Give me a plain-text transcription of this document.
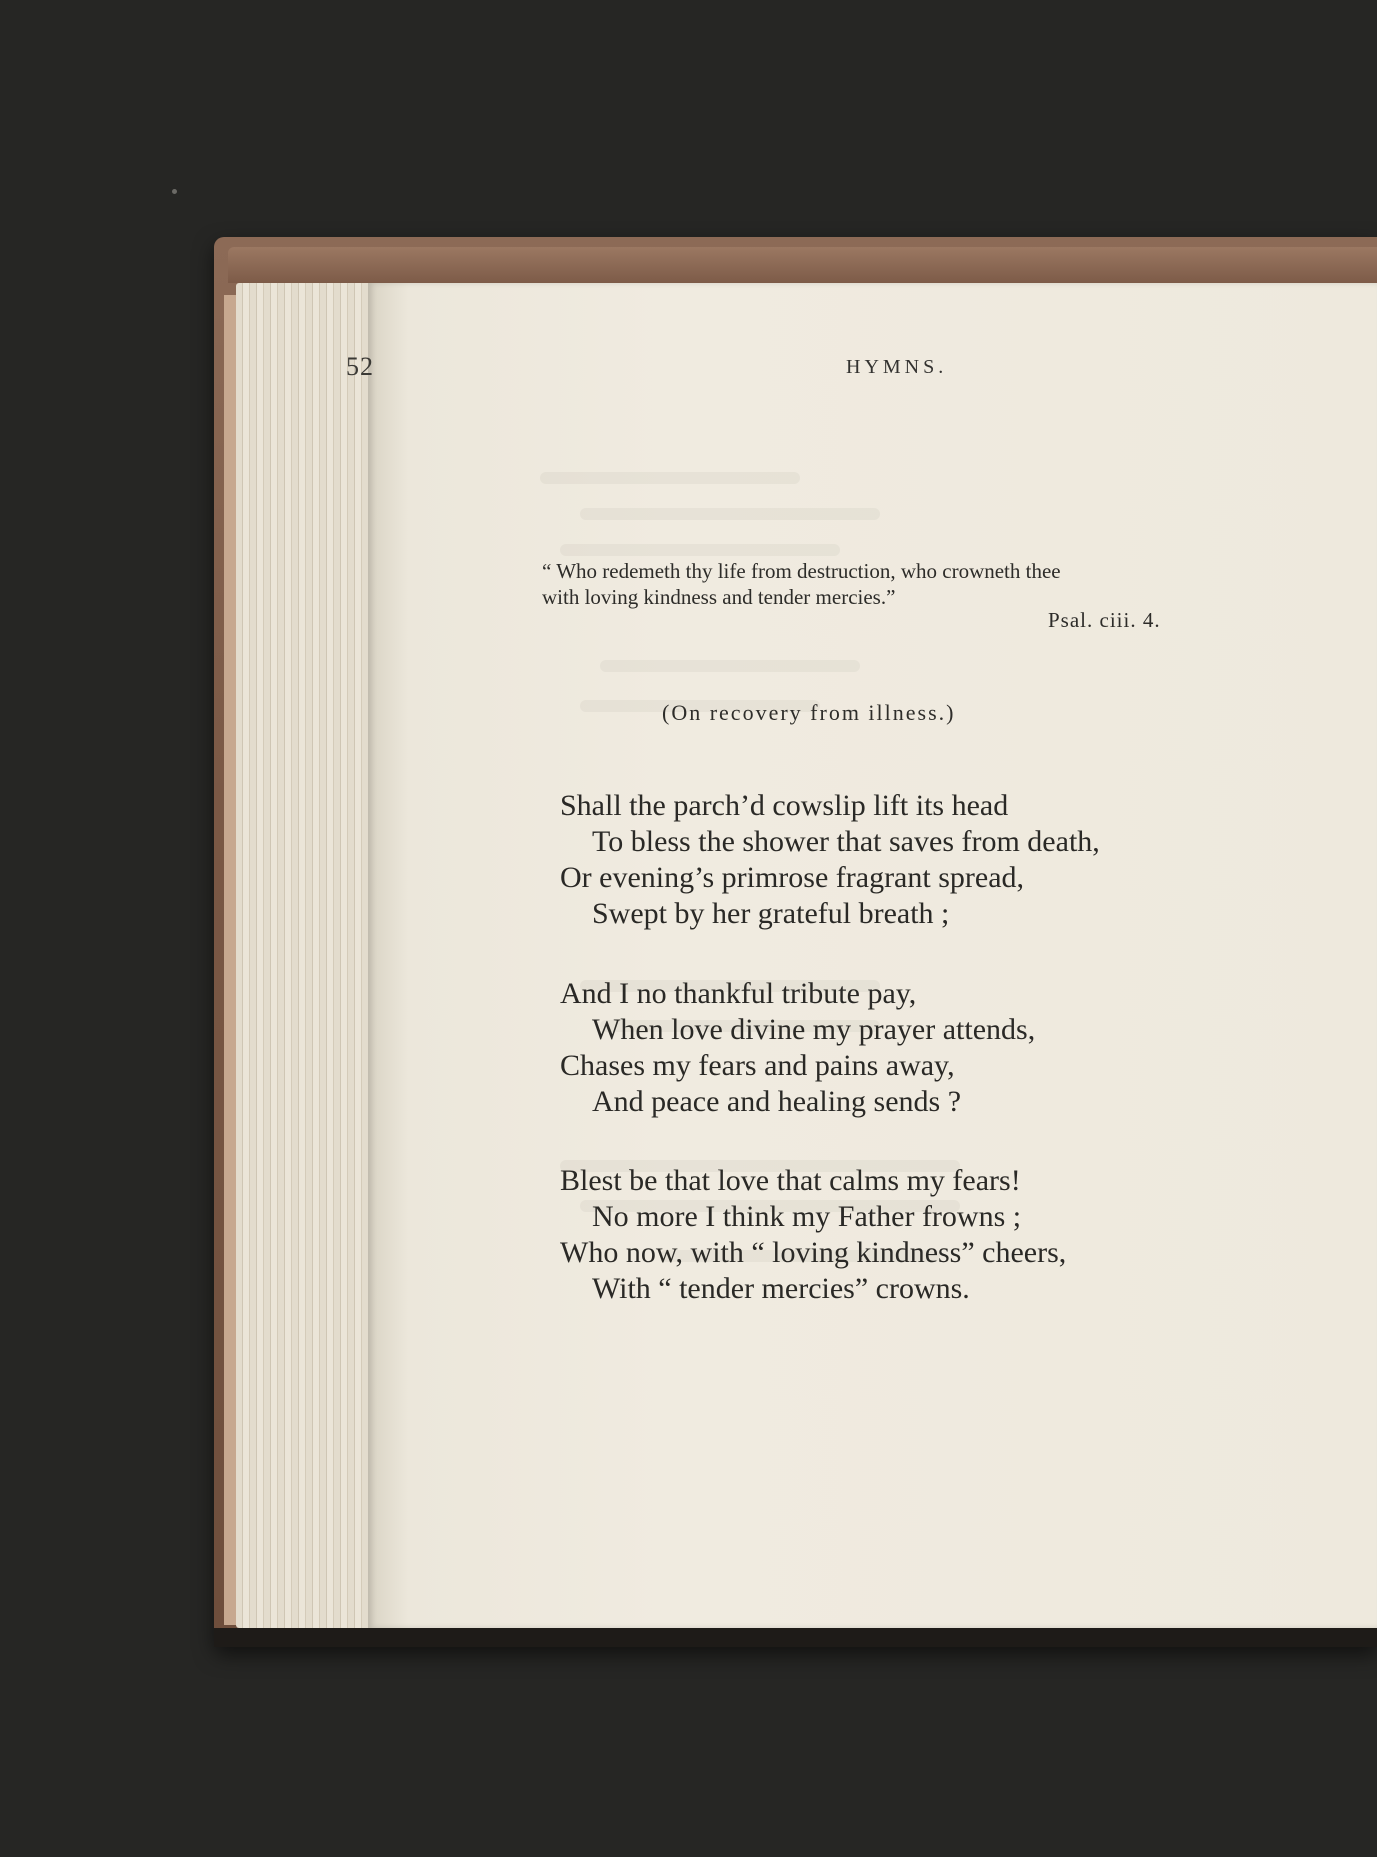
52	HYMNS.
“ Who redemeth thy life from destruction, who crowneth thee
with loving kindness and tender mercies.”
Psal. ciii. 4.
(On recovery from illness.)
Shall the parch’d cowslip lift its head
To bless the shower that saves from death,
Or evening’s primrose fragrant spread,
Swept by her grateful breath ;
And I no thankful tribute pay,
When love divine my prayer attends,
Chases my fears and pains away,
And peace and healing sends ?
Blest be that love that calms my fears!
No more I think my Father frowns ;
Who now, with “ loving kindness” cheers,
With “ tender mercies” crowns.
